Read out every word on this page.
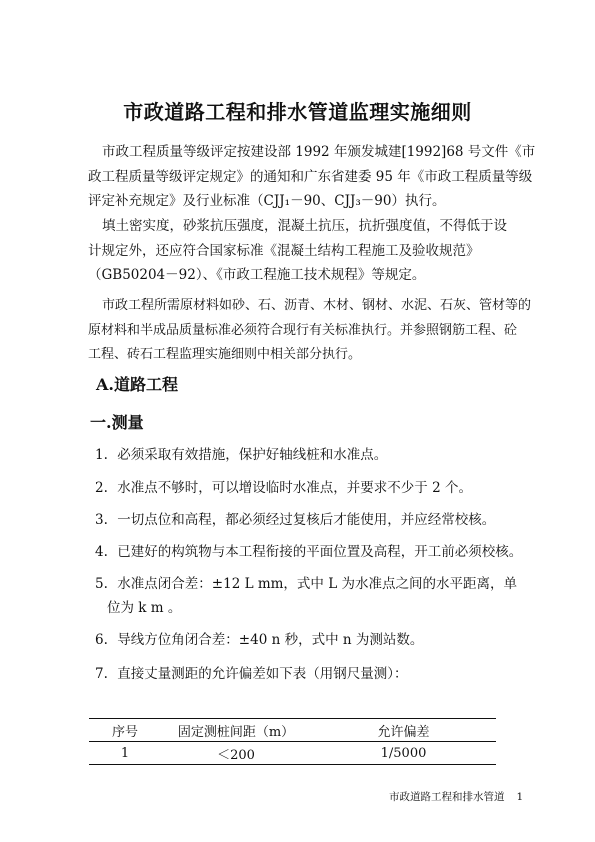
市政道路工程和排水管道监理实施细则
市政工程质量等级评定按建设部 1992 年颁发城建[1992]68 号文件《市
政工程质量等级评定规定》的通知和广东省建委 95 年《市政工程质量等级
评定补充规定》及行业标准（CJJ₁－90、CJJ₃－90）执行。
填土密实度，砂浆抗压强度，混凝土抗压，抗折强度值，不得低于设
计规定外，还应符合国家标准《混凝土结构工程施工及验收规范》
（GB50204－92）、《市政工程施工技术规程》等规定。
市政工程所需原材料如砂、石、沥青、木材、钢材、水泥、石灰、管材等的
原材料和半成品质量标准必须符合现行有关标准执行。并参照钢筋工程、砼
工程、砖石工程监理实施细则中相关部分执行。
A.道路工程
一.测量
1. 必须采取有效措施，保护好轴线桩和水准点。
2. 水准点不够时，可以增设临时水准点，并要求不少于 2 个。
3. 一切点位和高程，都必须经过复核后才能使用，并应经常校核。
4. 已建好的构筑物与本工程衔接的平面位置及高程，开工前必须校核。
5. 水准点闭合差：±12 L mm，式中 L 为水准点之间的水平距离，单
位为 k m 。
6. 导线方位角闭合差：±40 n 秒，式中 n 为测站数。
7. 直接丈量测距的允许偏差如下表（用钢尺量测）：
序号	固定测桩间距（m）	允许偏差
1	＜200	1/5000
市政道路工程和排水管道 1
